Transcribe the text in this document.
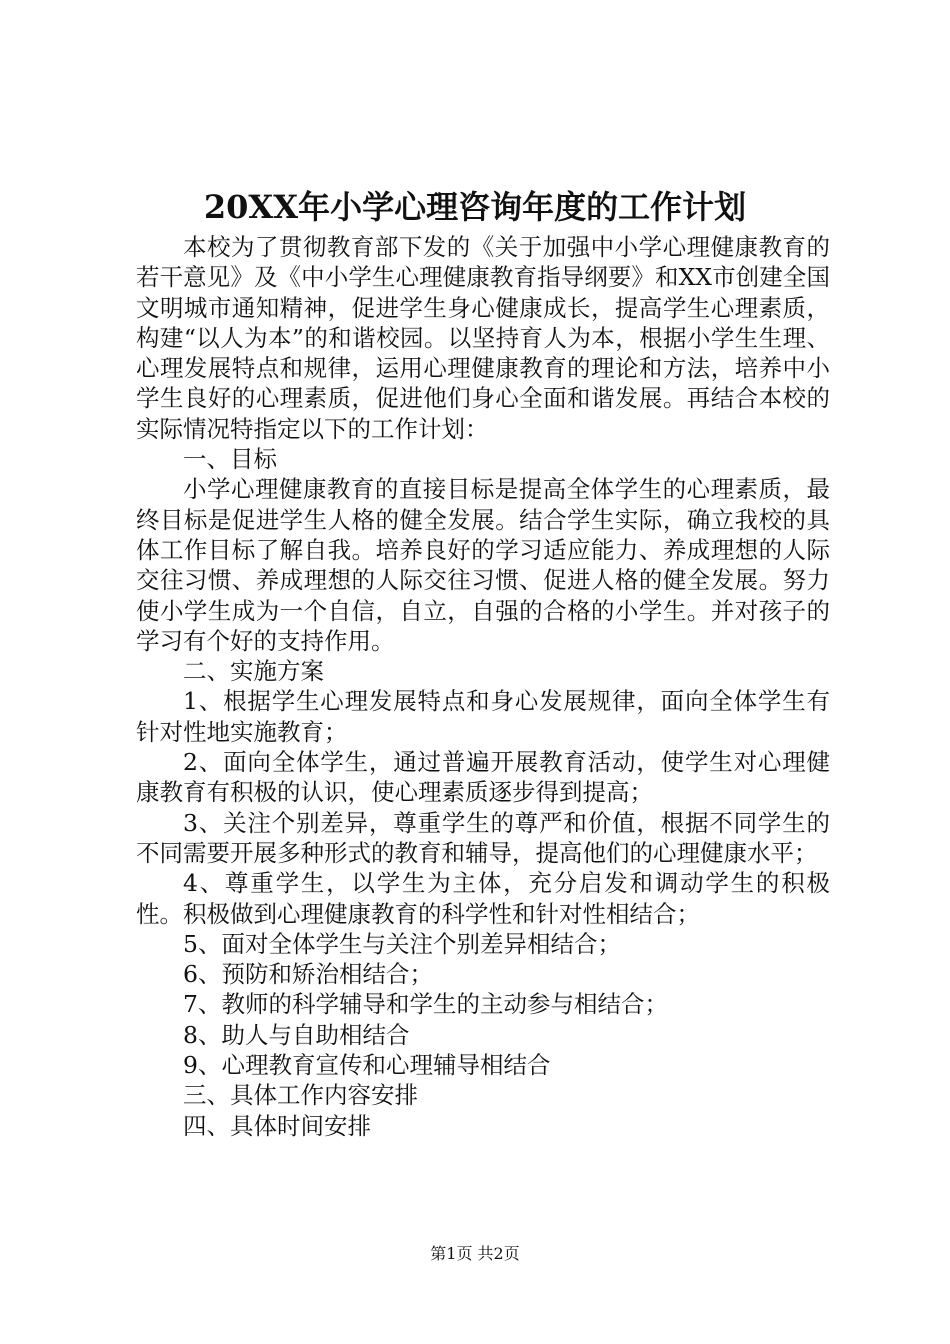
20XX年小学心理咨询年度的工作计划

本校为了贯彻教育部下发的《关于加强中小学心理健康教育的若干意见》及《中小学生心理健康教育指导纲要》和XX市创建全国文明城市通知精神，促进学生身心健康成长，提高学生心理素质，构建“以人为本”的和谐校园。以坚持育人为本，根据小学生生理、心理发展特点和规律，运用心理健康教育的理论和方法，培养中小学生良好的心理素质，促进他们身心全面和谐发展。再结合本校的实际情况特指定以下的工作计划：

一、目标

小学心理健康教育的直接目标是提高全体学生的心理素质，最终目标是促进学生人格的健全发展。结合学生实际，确立我校的具体工作目标了解自我。培养良好的学习适应能力、养成理想的人际交往习惯、养成理想的人际交往习惯、促进人格的健全发展。努力使小学生成为一个自信，自立，自强的合格的小学生。并对孩子的学习有个好的支持作用。

二、实施方案

1、根据学生心理发展特点和身心发展规律，面向全体学生有针对性地实施教育；

2、面向全体学生，通过普遍开展教育活动，使学生对心理健康教育有积极的认识，使心理素质逐步得到提高；

3、关注个别差异，尊重学生的尊严和价值，根据不同学生的不同需要开展多种形式的教育和辅导，提高他们的心理健康水平；

4、尊重学生，以学生为主体，充分启发和调动学生的积极性。积极做到心理健康教育的科学性和针对性相结合；

5、面对全体学生与关注个别差异相结合；

6、预防和矫治相结合；

7、教师的科学辅导和学生的主动参与相结合；

8、助人与自助相结合

9、心理教育宣传和心理辅导相结合

三、具体工作内容安排

四、具体时间安排

第1页 共2页
